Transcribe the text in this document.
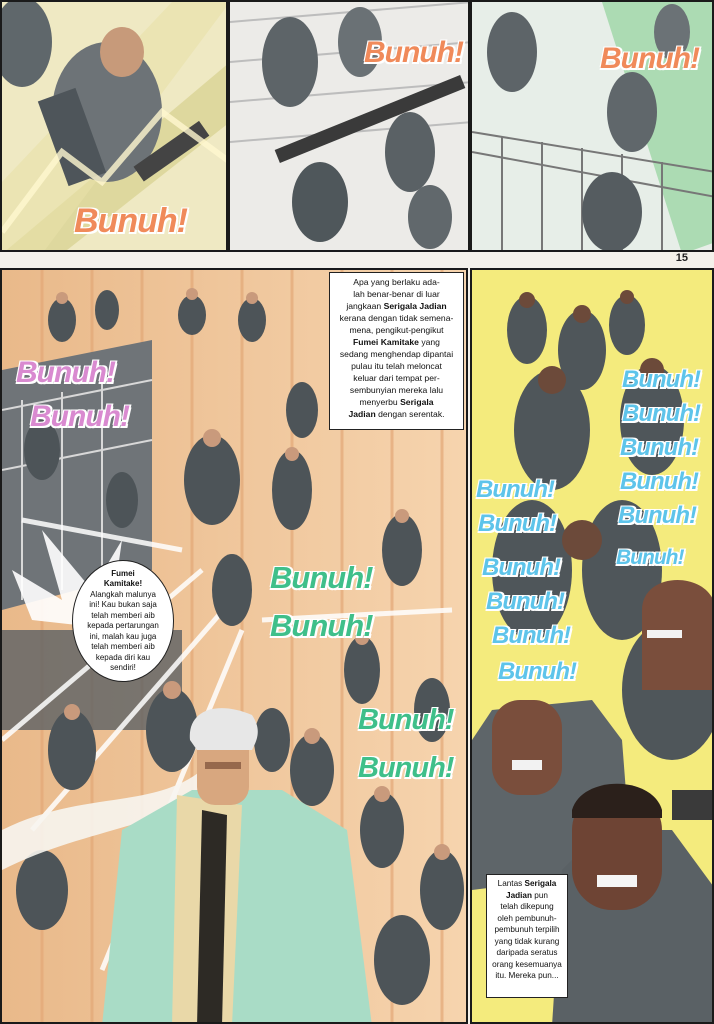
Bunuh!
Bunuh!	Bunuh!
15
Apa yang berlaku ada-
lah benar-benar di luar
jangkaan Serigala Jadian
kerana dengan tidak semena-
mena, pengikut-pengikut
Fumei Kamitake yang
sedang menghendap dipantai
pulau itu telah meloncat
keluar dari tempat per-
sembunyian mereka lalu
menyerbu Serigala
Jadian dengan serentak.
Fumei
Kamitake!
Alangkah malunya
ini! Kau bukan saja
telah memberi aib
kepada pertarungan
ini, malah kau juga
telah memberi aib
kepada diri kau
sendiri!
Bunuh!
Bunuh!
Bunuh!
Bunuh!
Bunuh!
Bunuh!
Bunuh!
Bunuh!
Bunuh!
Bunuh!
Bunuh!
Bunuh!
Bunuh!
Bunuh!
Bunuh!
Bunuh!
Bunuh!
Bunuh!
Lantas Serigala
Jadian pun
telah dikepung
oleh pembunuh-
pembunuh terpilih
yang tidak kurang
daripada seratus
orang kesemuanya
itu. Mereka pun...
